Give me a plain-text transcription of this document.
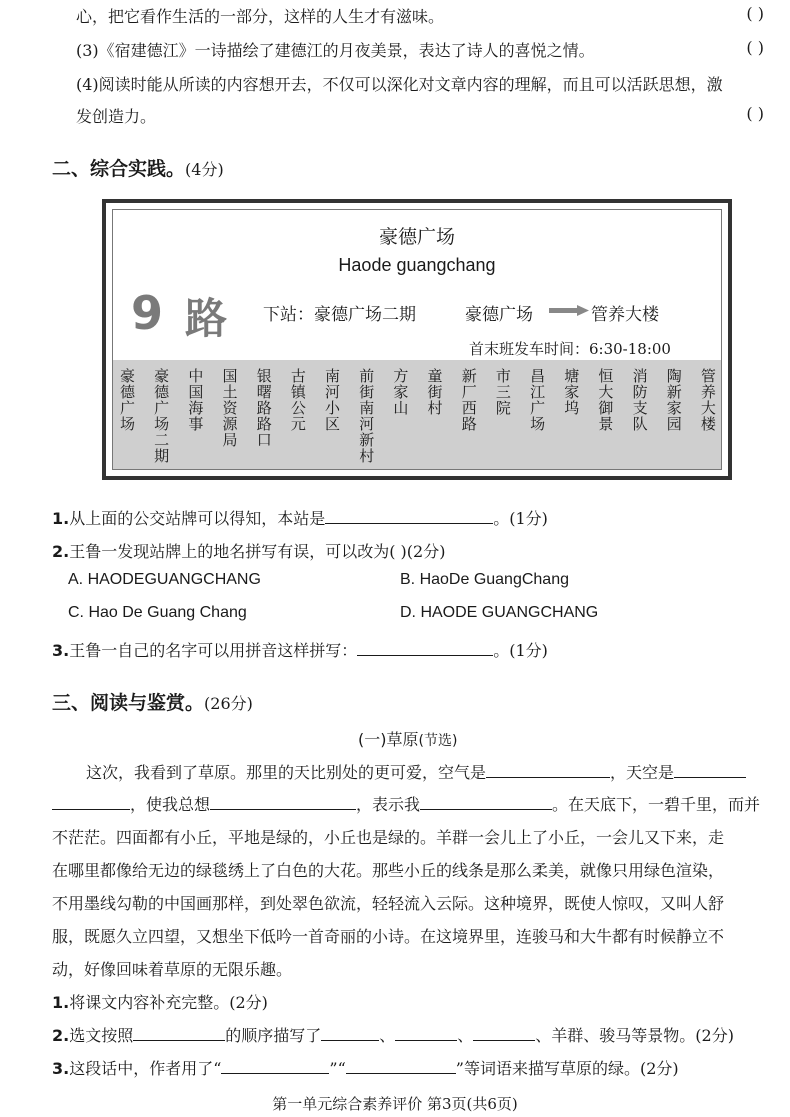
心，把它看作生活的一部分，这样的人生才有滋味。	( )
(3)《宿建德江》一诗描绘了建德江的月夜美景，表达了诗人的喜悦之情。	( )
(4)阅读时能从所读的内容想开去，不仅可以深化对文章内容的理解，而且可以活跃思想，激
发创造力。	( )
二、综合实践。(4分)
豪德广场
Haode guangchang
9 路 下站：豪德广场二期	豪德广场	管养大楼
首末班发车时间：6:30-18:00
豪德广场 豪德广场二期 中国海事 国土资源局 银曙路路口 古镇公元 南河小区 前街南河新村 方家山 童街村 新厂西路 市三院 昌江广场 塘家坞 恒大御景 消防支队 陶新家园 管养大楼
1.从上面的公交站牌可以得知，本站是	。(1分)
2.王鲁一发现站牌上的地名拼写有误，可以改为( )(2分)
A. HAODEGUANGCHANG	B. HaoDe GuangChang
C. Hao De Guang Chang	D. HAODE GUANGCHANG
3.王鲁一自己的名字可以用拼音这样拼写：	。(1分)
三、阅读与鉴赏。(26分)
(一)草原(节选)
这次，我看到了草原。那里的天比别处的更可爱，空气是	，天空是
，使我总想	，表示我	。在天底下，一碧千里，而并
不茫茫。四面都有小丘，平地是绿的，小丘也是绿的。羊群一会儿上了小丘，一会儿又下来，走
在哪里都像给无边的绿毯绣上了白色的大花。那些小丘的线条是那么柔美，就像只用绿色渲染，
不用墨线勾勒的中国画那样，到处翠色欲流，轻轻流入云际。这种境界，既使人惊叹，又叫人舒
服，既愿久立四望，又想坐下低吟一首奇丽的小诗。在这境界里，连骏马和大牛都有时候静立不
动，好像回味着草原的无限乐趣。
1.将课文内容补充完整。(2分)
2.选文按照	的顺序描写了	、	、	、羊群、骏马等景物。(2分)
3.这段话中，作者用了“	”“	”等词语来描写草原的绿。(2分)
第一单元综合素养评价 第3页(共6页)
